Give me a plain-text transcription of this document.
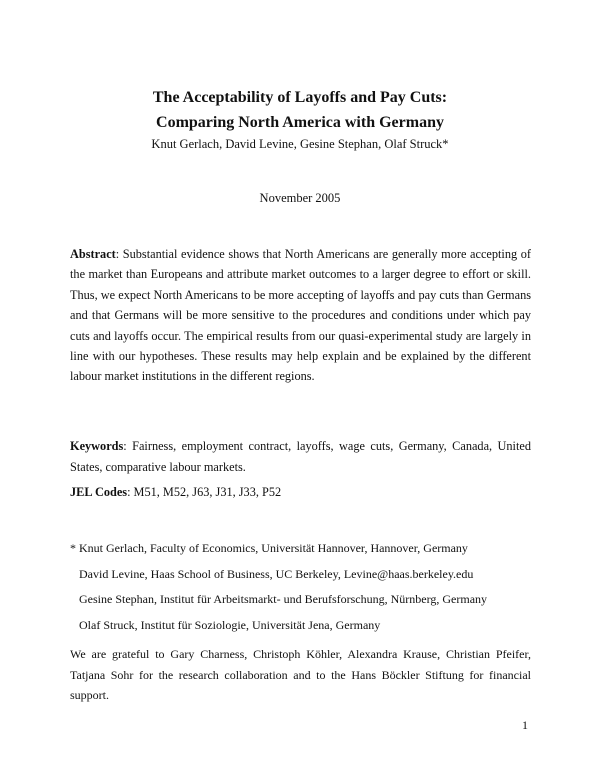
The Acceptability of Layoffs and Pay Cuts:
Comparing North America with Germany
Knut Gerlach, David Levine, Gesine Stephan, Olaf Struck*
November 2005
Abstract: Substantial evidence shows that North Americans are generally more accepting of the market than Europeans and attribute market outcomes to a larger degree to effort or skill. Thus, we expect North Americans to be more accepting of layoffs and pay cuts than Germans and that Germans will be more sensitive to the procedures and conditions under which pay cuts and layoffs occur. The empirical results from our quasi-experimental study are largely in line with our hypotheses. These results may help explain and be explained by the different labour market institutions in the different regions.
Keywords: Fairness, employment contract, layoffs, wage cuts, Germany, Canada, United States, comparative labour markets.
JEL Codes: M51, M52, J63, J31, J33, P52
* Knut Gerlach, Faculty of Economics, Universität Hannover, Hannover, Germany
David Levine, Haas School of Business, UC Berkeley, Levine@haas.berkeley.edu
Gesine Stephan, Institut für Arbeitsmarkt- und Berufsforschung, Nürnberg, Germany
Olaf Struck, Institut für Soziologie, Universität Jena, Germany
We are grateful to Gary Charness, Christoph Köhler, Alexandra Krause, Christian Pfeifer, Tatjana Sohr for the research collaboration and to the Hans Böckler Stiftung for financial support.
1
